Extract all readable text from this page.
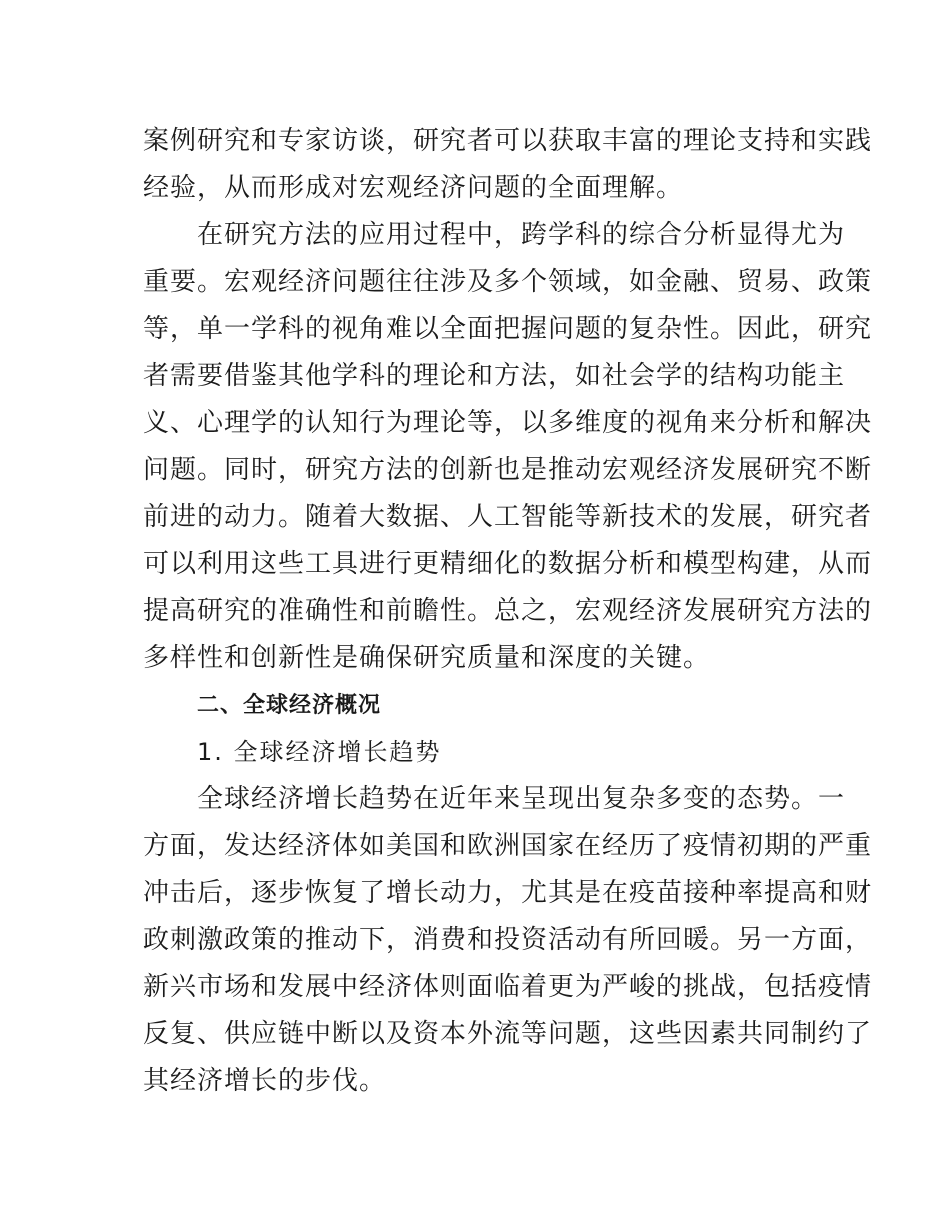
案例研究和专家访谈，研究者可以获取丰富的理论支持和实践
经验，从而形成对宏观经济问题的全面理解。
在研究方法的应用过程中，跨学科的综合分析显得尤为
重要。宏观经济问题往往涉及多个领域，如金融、贸易、政策
等，单一学科的视角难以全面把握问题的复杂性。因此，研究
者需要借鉴其他学科的理论和方法，如社会学的结构功能主
义、心理学的认知行为理论等，以多维度的视角来分析和解决
问题。同时，研究方法的创新也是推动宏观经济发展研究不断
前进的动力。随着大数据、人工智能等新技术的发展，研究者
可以利用这些工具进行更精细化的数据分析和模型构建，从而
提高研究的准确性和前瞻性。总之，宏观经济发展研究方法的
多样性和创新性是确保研究质量和深度的关键。
二、全球经济概况
1. 全球经济增长趋势
全球经济增长趋势在近年来呈现出复杂多变的态势。一
方面，发达经济体如美国和欧洲国家在经历了疫情初期的严重
冲击后，逐步恢复了增长动力，尤其是在疫苗接种率提高和财
政刺激政策的推动下，消费和投资活动有所回暖。另一方面，
新兴市场和发展中经济体则面临着更为严峻的挑战，包括疫情
反复、供应链中断以及资本外流等问题，这些因素共同制约了
其经济增长的步伐。
